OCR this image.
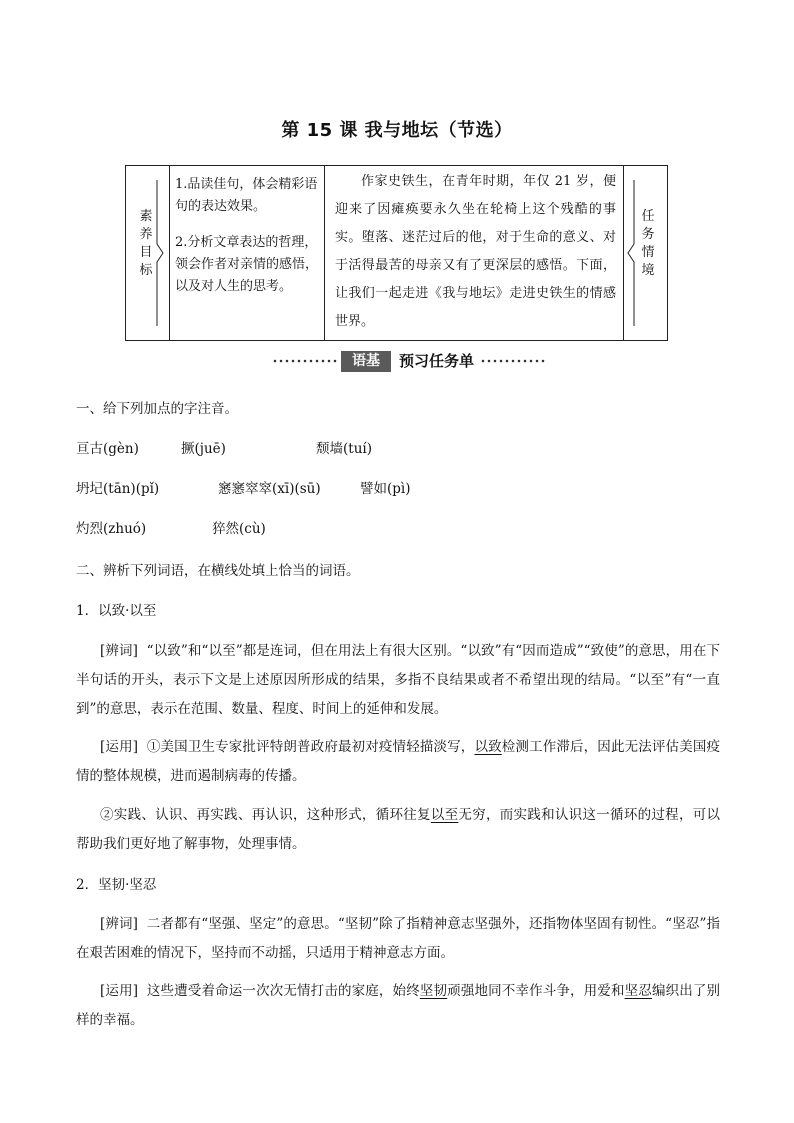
第 15 课 我与地坛（节选）
素养目标

1.品读佳句，体会精彩语句的表达效果。

2.分析文章表达的哲理，领会作者对亲情的感悟，以及对人生的思考。

作家史铁生，在青年时期，年仅 21 岁，便迎来了因瘫痪要永久坐在轮椅上这个残酷的事实。堕落、迷茫过后的他，对于生命的意义、对于活得最苦的母亲又有了更深层的感悟。下面，让我们一起走进《我与地坛》走进史铁生的情感世界。
任务情境
语基	预习任务单
一、给下列加点的字注音。
亘古(gèn)	撅(juē)	颓墙(tuí)
坍圮(tān)(pǐ)	窸窸窣窣(xī)(sū)	譬如(pì)
灼烈(zhuó)	猝然(cù)
二、辨析下列词语，在横线处填上恰当的词语。
1．以致·以至
[辨词] “以致”和“以至”都是连词，但在用法上有很大区别。“以致”有“因而造成”“致使”的意思，用在下半句话的开头，表示下文是上述原因所形成的结果，多指不良结果或者不希望出现的结局。“以至”有“一直到”的意思，表示在范围、数量、程度、时间上的延伸和发展。
[运用] ①美国卫生专家批评特朗普政府最初对疫情轻描淡写，以致检测工作滞后，因此无法评估美国疫情的整体规模，进而遏制病毒的传播。
②实践、认识、再实践、再认识，这种形式，循环往复以至无穷，而实践和认识这一循环的过程，可以帮助我们更好地了解事物，处理事情。
2．坚韧·坚忍
[辨词] 二者都有“坚强、坚定”的意思。“坚韧”除了指精神意志坚强外，还指物体坚固有韧性。“坚忍”指在艰苦困难的情况下，坚持而不动摇，只适用于精神意志方面。
[运用] 这些遭受着命运一次次无情打击的家庭，始终坚韧顽强地同不幸作斗争，用爱和坚忍编织出了别样的幸福。
